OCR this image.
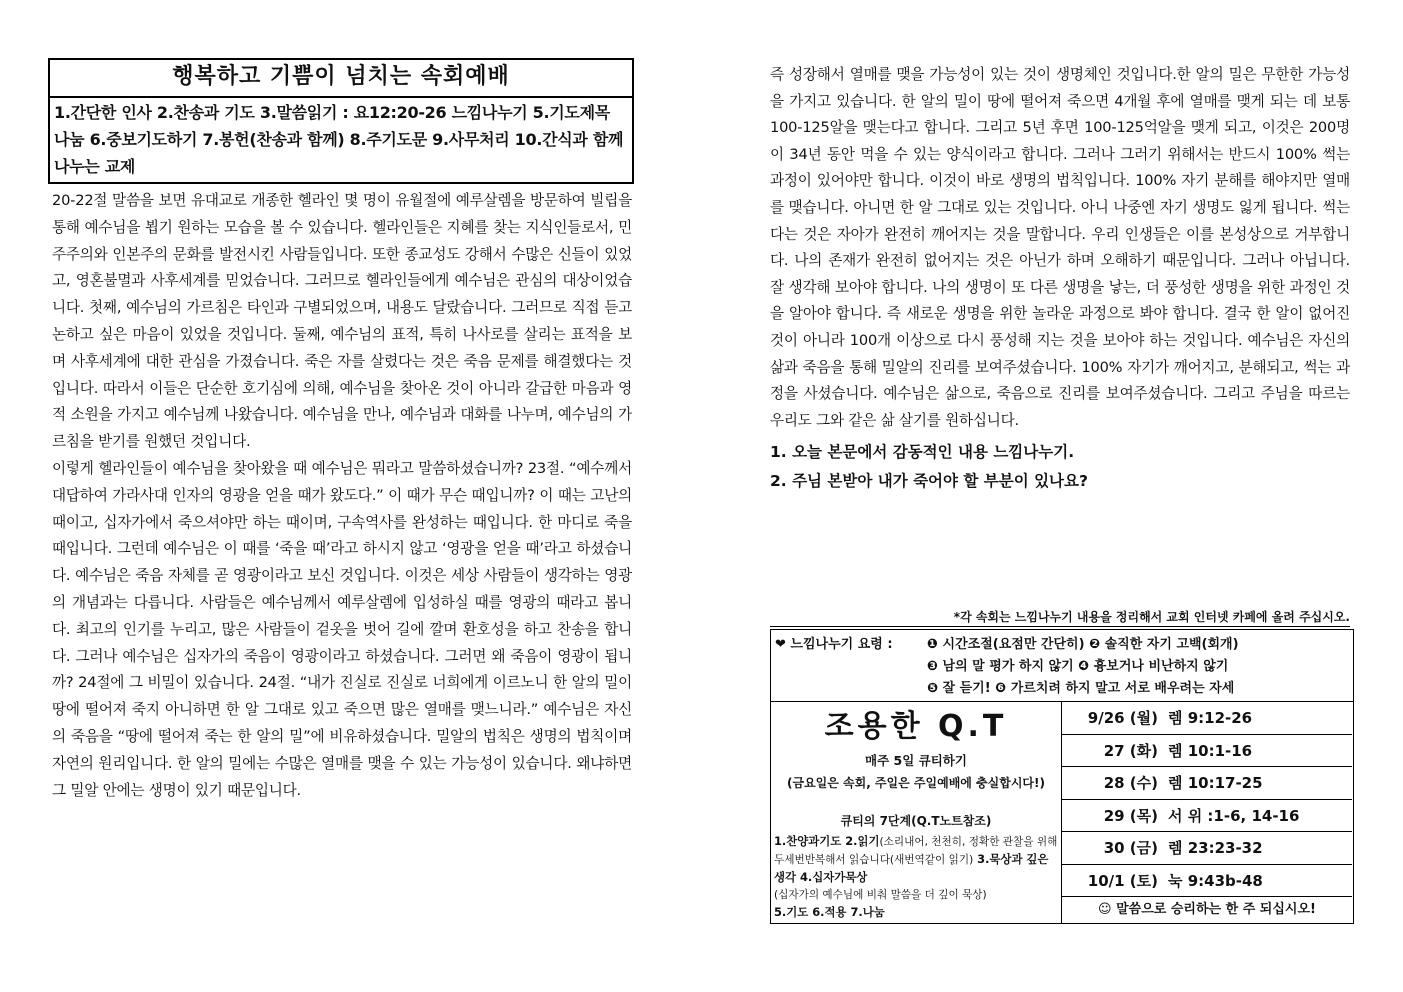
행복하고 기쁨이 넘치는 속회예배
1.간단한 인사 2.찬송과 기도 3.말씀읽기 : 요12:20-26 느낌나누기 5.기도제목 나눔 6.중보기도하기 7.봉헌(찬송과 함께) 8.주기도문 9.사무처리 10.간식과 함께 나누는 교제

20-22절 말씀을 보면 유대교로 개종한 헬라인 몇 명이 유월절에 예루살렘을 방문하여 빌립을 통해 예수님을 뵙기 원하는 모습을 볼 수 있습니다. 헬라인들은 지혜를 찾는 지식인들로서, 민주주의와 인본주의 문화를 발전시킨 사람들입니다. 또한 종교성도 강해서 수많은 신들이 있었고, 영혼불멸과 사후세계를 믿었습니다. 그러므로 헬라인들에게 예수님은 관심의 대상이었습니다. 첫째, 예수님의 가르침은 타인과 구별되었으며, 내용도 달랐습니다. 그러므로 직접 듣고 논하고 싶은 마음이 있었을 것입니다. 둘째, 예수님의 표적, 특히 나사로를 살리는 표적을 보며 사후세계에 대한 관심을 가졌습니다. 죽은 자를 살렸다는 것은 죽음 문제를 해결했다는 것입니다. 따라서 이들은 단순한 호기심에 의해, 예수님을 찾아온 것이 아니라 갈급한 마음과 영적 소원을 가지고 예수님께 나왔습니다. 예수님을 만나, 예수님과 대화를 나누며, 예수님의 가르침을 받기를 원했던 것입니다.

이렇게 헬라인들이 예수님을 찾아왔을 때 예수님은 뭐라고 말씀하셨습니까? 23절. “예수께서 대답하여 가라사대 인자의 영광을 얻을 때가 왔도다.” 이 때가 무슨 때입니까? 이 때는 고난의 때이고, 십자가에서 죽으셔야만 하는 때이며, 구속역사를 완성하는 때입니다. 한 마디로 죽을 때입니다. 그런데 예수님은 이 때를 ‘죽을 때’라고 하시지 않고 ‘영광을 얻을 때’라고 하셨습니다. 예수님은 죽음 자체를 곧 영광이라고 보신 것입니다. 이것은 세상 사람들이 생각하는 영광의 개념과는 다릅니다. 사람들은 예수님께서 예루살렘에 입성하실 때를 영광의 때라고 봅니다. 최고의 인기를 누리고, 많은 사람들이 겉옷을 벗어 길에 깔며 환호성을 하고 찬송을 합니다. 그러나 예수님은 십자가의 죽음이 영광이라고 하셨습니다. 그러면 왜 죽음이 영광이 됩니까? 24절에 그 비밀이 있습니다. 24절. “내가 진실로 진실로 너희에게 이르노니 한 알의 밀이 땅에 떨어져 죽지 아니하면 한 알 그대로 있고 죽으면 많은 열매를 맺느니라.” 예수님은 자신의 죽음을 “땅에 떨어져 죽는 한 알의 밀”에 비유하셨습니다. 밀알의 법칙은 생명의 법칙이며 자연의 원리입니다. 한 알의 밀에는 수많은 열매를 맺을 수 있는 가능성이 있습니다. 왜냐하면 그 밀알 안에는 생명이 있기 때문입니다.

즉 성장해서 열매를 맺을 가능성이 있는 것이 생명체인 것입니다.한 알의 밀은 무한한 가능성을 가지고 있습니다. 한 알의 밀이 땅에 떨어져 죽으면 4개월 후에 열매를 맺게 되는 데 보통 100-125알을 맺는다고 합니다. 그리고 5년 후면 100-125억알을 맺게 되고, 이것은 200명이 34년 동안 먹을 수 있는 양식이라고 합니다. 그러나 그러기 위해서는 반드시 100% 썩는 과정이 있어야만 합니다. 이것이 바로 생명의 법칙입니다. 100% 자기 분해를 해야지만 열매를 맺습니다. 아니면 한 알 그대로 있는 것입니다. 아니 나중엔 자기 생명도 잃게 됩니다. 썩는다는 것은 자아가 완전히 깨어지는 것을 말합니다. 우리 인생들은 이를 본성상으로 거부합니다. 나의 존재가 완전히 없어지는 것은 아닌가 하며 오해하기 때문입니다. 그러나 아닙니다. 잘 생각해 보아야 합니다. 나의 생명이 또 다른 생명을 낳는, 더 풍성한 생명을 위한 과정인 것을 알아야 합니다. 즉 새로운 생명을 위한 놀라운 과정으로 봐야 합니다. 결국 한 알이 없어진 것이 아니라 100개 이상으로 다시 풍성해 지는 것을 보아야 하는 것입니다. 예수님은 자신의 삶과 죽음을 통해 밀알의 진리를 보여주셨습니다. 100% 자기가 깨어지고, 분해되고, 썩는 과정을 사셨습니다. 예수님은 삶으로, 죽음으로 진리를 보여주셨습니다. 그리고 주님을 따르는 우리도 그와 같은 삶 살기를 원하십니다.
1. 오늘 본문에서 감동적인 내용 느낌나누기.
2. 주님 본받아 내가 죽어야 할 부분이 있나요?
*각 속회는 느낌나누기 내용을 정리해서 교회 인터넷 카페에 올려 주십시오.
❤ 느낌나누기 요령 :	❶ 시간조절(요점만 간단히) ❷ 솔직한 자기 고백(회개)
❸ 남의 말 평가 하지 않기 ❹ 흉보거나 비난하지 않기
❺ 잘 듣기! ❻ 가르치려 하지 말고 서로 배우려는 자세
조용한 Q.T
매주 5일 큐티하기
(금요일은 속회, 주일은 주일예배에 충실합시다!)
큐티의 7단계(Q.T노트참조)
1.찬양과기도 2.읽기(소리내어, 천천히, 정확한 관찰을 위해 두세번반복해서 읽습니다(새번역같이 읽기) 3.묵상과 깊은 생각 4.십자가묵상
(십자가의 예수님에 비춰 말씀을 더 깊이 묵상)
5.기도 6.적용 7.나눔
9/26 (월) 렘 9:12-26
27 (화) 렘 10:1-16
28 (수) 렘 10:17-25
29 (목) 서 위 :1-6, 14-16
30 (금) 렘 23:23-32
10/1 (토) 눅 9:43b-48
☺ 말씀으로 승리하는 한 주 되십시오!
